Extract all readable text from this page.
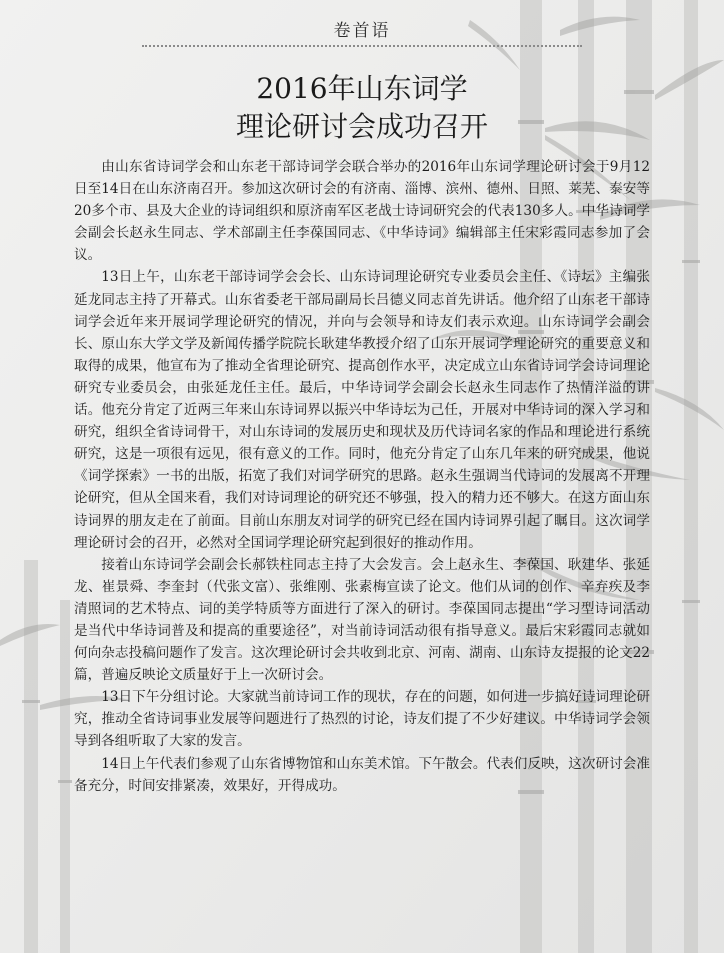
卷首语
2016年山东词学
理论研讨会成功召开

由山东省诗词学会和山东老干部诗词学会联合举办的2016年山东词学理论研讨会于9月12日至14日在山东济南召开。参加这次研讨会的有济南、淄博、滨州、德州、日照、莱芜、泰安等20多个市、县及大企业的诗词组织和原济南军区老战士诗词研究会的代表130多人。中华诗词学会副会长赵永生同志、学术部副主任李葆国同志、《中华诗词》编辑部主任宋彩霞同志参加了会议。

13日上午，山东老干部诗词学会会长、山东诗词理论研究专业委员会主任、《诗坛》主编张延龙同志主持了开幕式。山东省委老干部局副局长吕德义同志首先讲话。他介绍了山东老干部诗词学会近年来开展词学理论研究的情况，并向与会领导和诗友们表示欢迎。山东诗词学会副会长、原山东大学文学及新闻传播学院院长耿建华教授介绍了山东开展词学理论研究的重要意义和取得的成果，他宣布为了推动全省理论研究、提高创作水平，决定成立山东省诗词学会诗词理论研究专业委员会，由张延龙任主任。最后，中华诗词学会副会长赵永生同志作了热情洋溢的讲话。他充分肯定了近两三年来山东诗词界以振兴中华诗坛为己任，开展对中华诗词的深入学习和研究，组织全省诗词骨干，对山东诗词的发展历史和现状及历代诗词名家的作品和理论进行系统研究，这是一项很有远见，很有意义的工作。同时，他充分肯定了山东几年来的研究成果，他说《词学探索》一书的出版，拓宽了我们对词学研究的思路。赵永生强调当代诗词的发展离不开理论研究，但从全国来看，我们对诗词理论的研究还不够强，投入的精力还不够大。在这方面山东诗词界的朋友走在了前面。目前山东朋友对词学的研究已经在国内诗词界引起了瞩目。这次词学理论研讨会的召开，必然对全国词学理论研究起到很好的推动作用。

接着山东诗词学会副会长郝铁柱同志主持了大会发言。会上赵永生、李葆国、耿建华、张延龙、崔景舜、李奎封（代张文富）、张维刚、张素梅宣读了论文。他们从词的创作、辛弃疾及李清照词的艺术特点、词的美学特质等方面进行了深入的研讨。李葆国同志提出“学习型诗词活动是当代中华诗词普及和提高的重要途径”，对当前诗词活动很有指导意义。最后宋彩霞同志就如何向杂志投稿问题作了发言。这次理论研讨会共收到北京、河南、湖南、山东诗友提报的论文22篇，普遍反映论文质量好于上一次研讨会。

13日下午分组讨论。大家就当前诗词工作的现状，存在的问题，如何进一步搞好诗词理论研究，推动全省诗词事业发展等问题进行了热烈的讨论，诗友们提了不少好建议。中华诗词学会领导到各组听取了大家的发言。

14日上午代表们参观了山东省博物馆和山东美术馆。下午散会。代表们反映，这次研讨会准备充分，时间安排紧凑，效果好，开得成功。
